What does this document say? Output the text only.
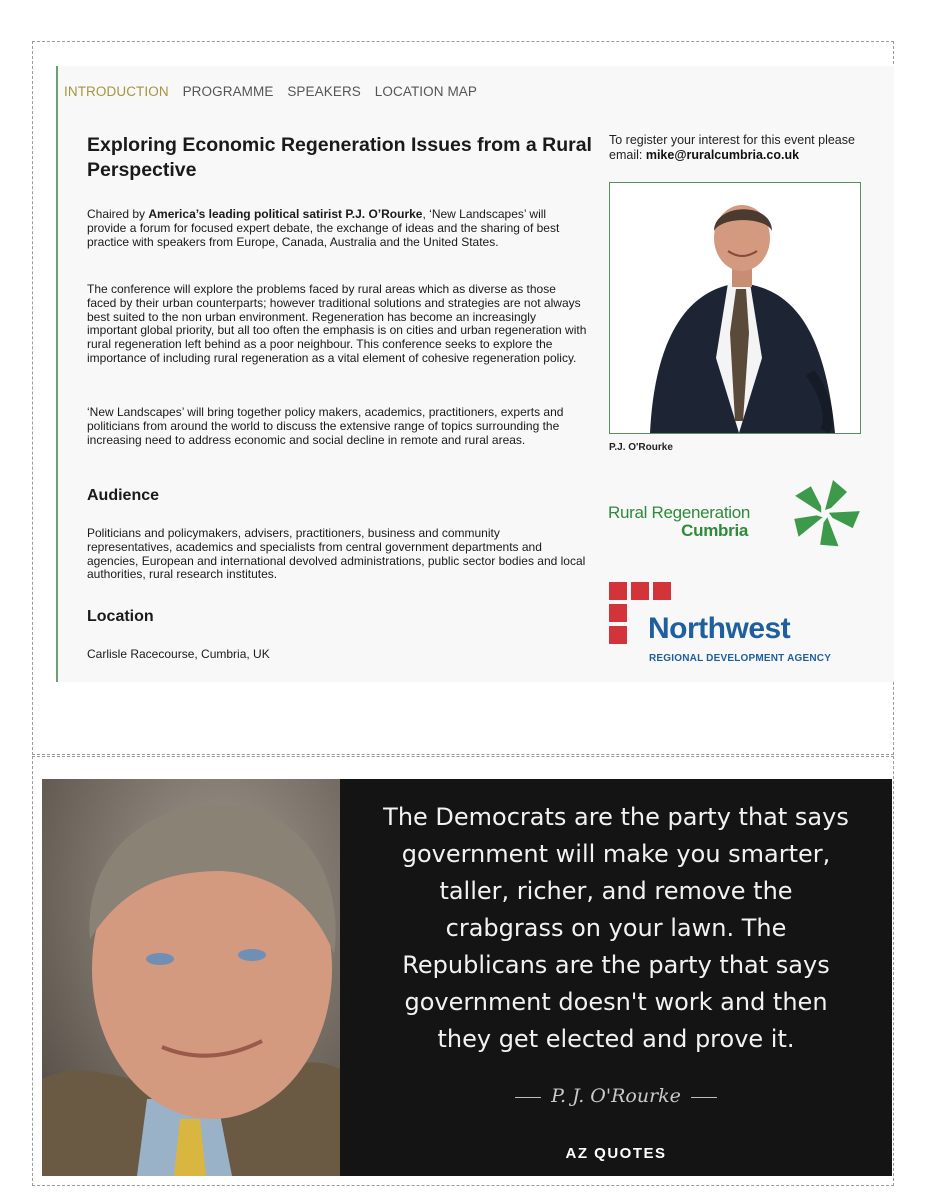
INTRODUCTION PROGRAMME SPEAKERS LOCATION MAP
Exploring Economic Regeneration Issues from a Rural Perspective
Chaired by America’s leading political satirist P.J. O’Rourke, ‘New Landscapes’ will provide a forum for focused expert debate, the exchange of ideas and the sharing of best practice with speakers from Europe, Canada, Australia and the United States.
The conference will explore the problems faced by rural areas which as diverse as those faced by their urban counterparts; however traditional solutions and strategies are not always best suited to the non urban environment. Regeneration has become an increasingly important global priority, but all too often the emphasis is on cities and urban regeneration with rural regeneration left behind as a poor neighbour. This conference seeks to explore the importance of including rural regeneration as a vital element of cohesive regeneration policy.
‘New Landscapes’ will bring together policy makers, academics, practitioners, experts and politicians from around the world to discuss the extensive range of topics surrounding the increasing need to address economic and social decline in remote and rural areas.
Audience
Politicians and policymakers, advisers, practitioners, business and community representatives, academics and specialists from central government departments and agencies, European and international devolved administrations, public sector bodies and local authorities, rural research institutes.
Location
Carlisle Racecourse, Cumbria, UK
To register your interest for this event please email: mike@ruralcumbria.co.uk
P.J. O'Rourke
Rural Regeneration
Cumbria
Northwest
REGIONAL DEVELOPMENT AGENCY
The Democrats are the party that says government will make you smarter, taller, richer, and remove the crabgrass on your lawn. The Republicans are the party that says government doesn't work and then they get elected and prove it.
P. J. O'Rourke
AZ QUOTES
